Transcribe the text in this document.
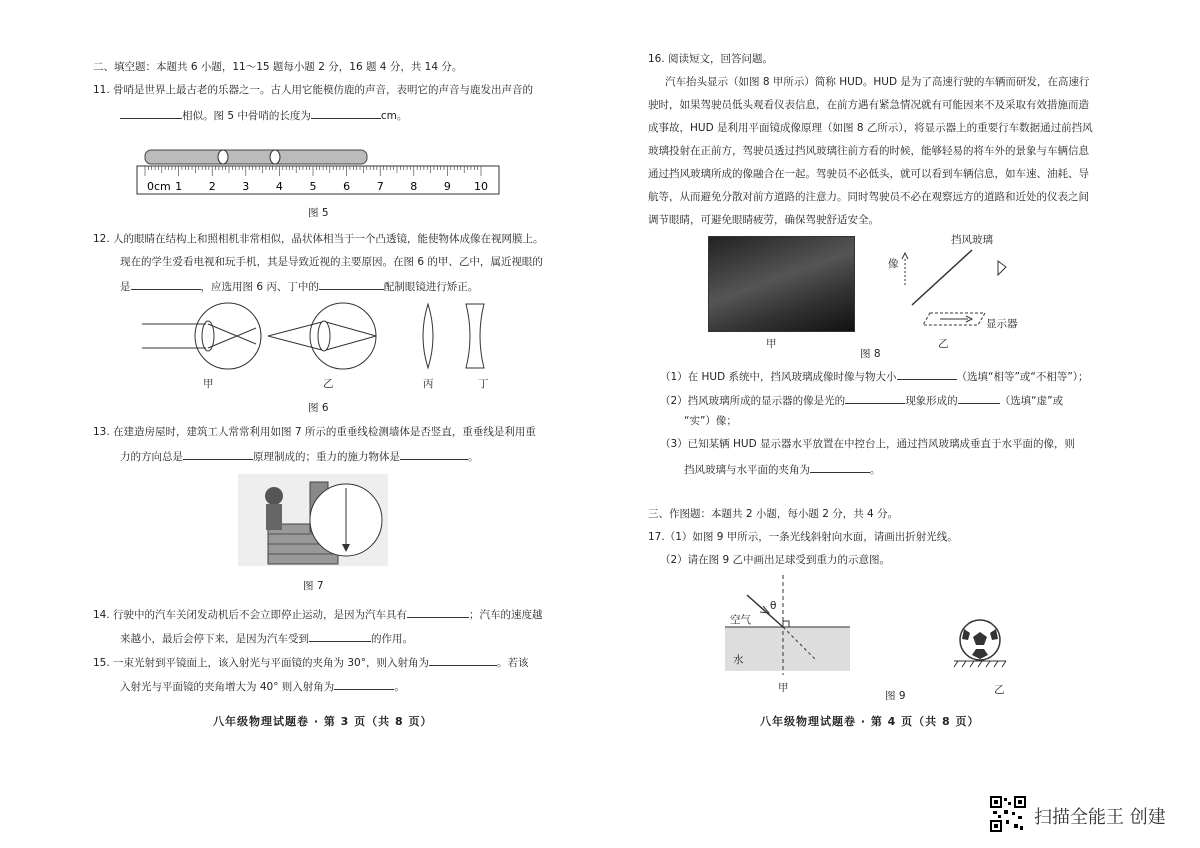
二、填空题：本题共 6 小题，11～15 题每小题 2 分，16 题 4 分，共 14 分。
11. 骨哨是世界上最古老的乐器之一。古人用它能模仿鹿的声音，表明它的声音与鹿发出声音的
相似。图 5 中骨哨的长度为	cm。
0cm 1 2 3 4 5 6 7 8 9 10
图 5
12. 人的眼睛在结构上和照相机非常相似，晶状体相当于一个凸透镜，能使物体成像在视网膜上。
现在的学生爱看电视和玩手机，其是导致近视的主要原因。在图 6 的甲、乙中，属近视眼的
是	，应选用图 6 丙、丁中的	配制眼镜进行矫正。
甲	乙	丙	丁
图 6
13. 在建造房屋时，建筑工人常常利用如图 7 所示的重垂线检测墙体是否竖直，重垂线是利用重
力的方向总是	原理制成的；重力的施力物体是	。
图 7
14. 行驶中的汽车关闭发动机后不会立即停止运动，是因为汽车具有	；汽车的速度越
来越小，最后会停下来，是因为汽车受到	的作用。
15. 一束光射到平镜面上，该入射光与平面镜的夹角为 30°，则入射角为	。若该
入射光与平面镜的夹角增大为 40° 则入射角为	。
八年级物理试题卷 · 第 3 页（共 8 页）
16. 阅读短文，回答问题。
汽车抬头显示（如图 8 甲所示）简称 HUD。HUD 是为了高速行驶的车辆而研发，在高速行
驶时，如果驾驶员低头观看仪表信息，在前方遇有紧急情况就有可能因来不及采取有效措施而造
成事故，HUD 是利用平面镜成像原理（如图 8 乙所示），将显示器上的重要行车数据通过前挡风
玻璃投射在正前方，驾驶员透过挡风玻璃往前方看的时候，能够轻易的将车外的景象与车辆信息
通过挡风玻璃所成的像融合在一起。驾驶员不必低头，就可以看到车辆信息，如车速、油耗、导
航等，从而避免分散对前方道路的注意力。同时驾驶员不必在观察远方的道路和近处的仪表之间
调节眼睛，可避免眼睛疲劳，确保驾驶舒适安全。
甲
图 8
挡风玻璃
像
显示器
乙
（1）在 HUD 系统中，挡风玻璃成像时像与物大小	（选填“相等”或“不相等”）；
（2）挡风玻璃所成的显示器的像是光的	现象形成的	（选填“虚”或
“实”）像；
（3）已知某辆 HUD 显示器水平放置在中控台上，通过挡风玻璃成垂直于水平面的像，则
挡风玻璃与水平面的夹角为	。
三、作图题：本题共 2 小题，每小题 2 分，共 4 分。
17.（1）如图 9 甲所示，一条光线斜射向水面，请画出折射光线。
（2）请在图 9 乙中画出足球受到重力的示意图。
空气
θ
水
甲
图 9	乙
八年级物理试题卷 · 第 4 页（共 8 页）
扫描全能王 创建
